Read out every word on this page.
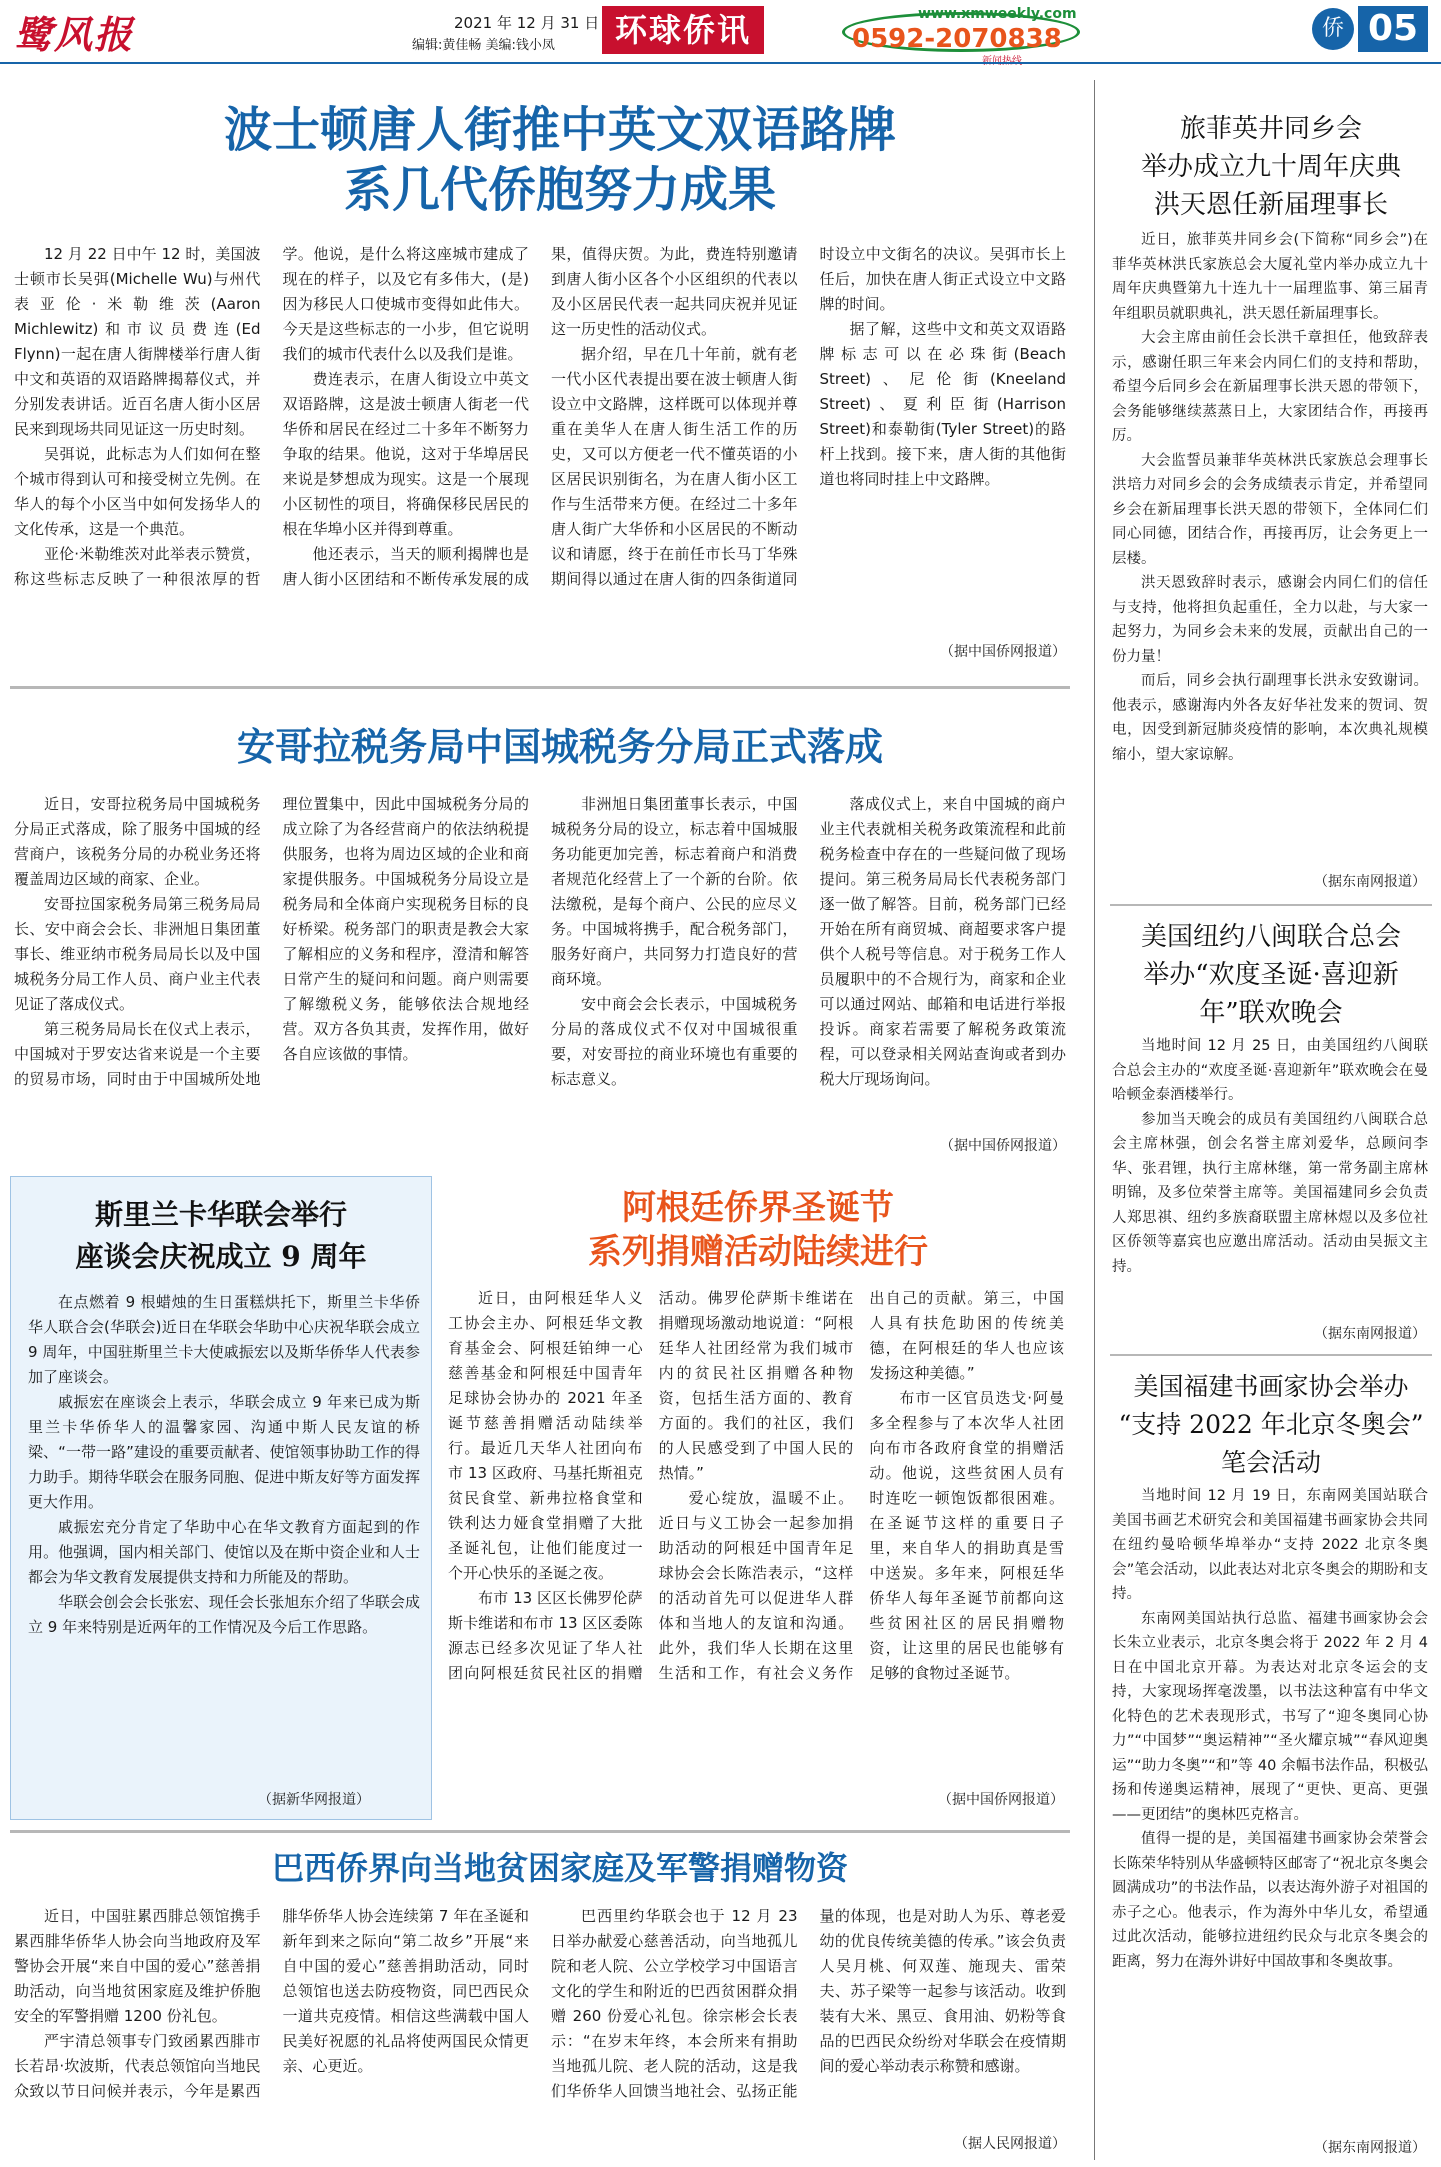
鹭风报	2021 年 12 月 31 日
编辑:黄佳畅 美编:钱小凤	环球侨讯	www.xmweekly.com
0592-2070838	侨 05
波士顿唐人街推中英文双语路牌
系几代侨胞努力成果

12 月 22 日中午 12 时，美国波士顿市长吴弭(Michelle Wu)与州代表亚伦·米勒维茨(Aaron Michlewitz)和市议员费连(Ed Flynn)一起在唐人街牌楼举行唐人街中文和英语的双语路牌揭幕仪式，并分别发表讲话。近百名唐人街小区居民来到现场共同见证这一历史时刻。

吴弭说，此标志为人们如何在整个城市得到认可和接受树立先例。在华人的每个小区当中如何发扬华人的文化传承，这是一个典范。

亚伦·米勒维茨对此举表示赞赏，称这些标志反映了一种很浓厚的哲学。他说，是什么将这座城市建成了现在的样子，以及它有多伟大，(是)因为移民人口使城市变得如此伟大。今天是这些标志的一小步，但它说明我们的城市代表什么以及我们是谁。

费连表示，在唐人街设立中英文双语路牌，这是波士顿唐人街老一代华侨和居民在经过二十多年不断努力争取的结果。他说，这对于华埠居民来说是梦想成为现实。这是一个展现小区韧性的项目，将确保移民居民的根在华埠小区并得到尊重。

他还表示，当天的顺利揭牌也是唐人街小区团结和不断传承发展的成果，值得庆贺。为此，费连特别邀请到唐人街小区各个小区组织的代表以及小区居民代表一起共同庆祝并见证这一历史性的活动仪式。

据介绍，早在几十年前，就有老一代小区代表提出要在波士顿唐人街设立中文路牌，这样既可以体现并尊重在美华人在唐人街生活工作的历史，又可以方便老一代不懂英语的小区居民识别街名，为在唐人街小区工作与生活带来方便。在经过二十多年唐人街广大华侨和小区居民的不断动议和请愿，终于在前任市长马丁华殊期间得以通过在唐人街的四条街道同时设立中文街名的决议。吴弭市长上任后，加快在唐人街正式设立中文路牌的时间。

据了解，这些中文和英文双语路牌标志可以在必珠街(Beach Street)、尼伦街(Kneeland Street)、夏利臣街(Harrison Street)和泰勒街(Tyler Street)的路杆上找到。接下来，唐人街的其他街道也将同时挂上中文路牌。

（据中国侨网报道）
安哥拉税务局中国城税务分局正式落成

近日，安哥拉税务局中国城税务分局正式落成，除了服务中国城的经营商户，该税务分局的办税业务还将覆盖周边区域的商家、企业。

安哥拉国家税务局第三税务局局长、安中商会会长、非洲旭日集团董事长、维亚纳市税务局局长以及中国城税务分局工作人员、商户业主代表见证了落成仪式。

第三税务局局长在仪式上表示，中国城对于罗安达省来说是一个主要的贸易市场，同时由于中国城所处地理位置集中，因此中国城税务分局的成立除了为各经营商户的依法纳税提供服务，也将为周边区域的企业和商家提供服务。中国城税务分局设立是税务局和全体商户实现税务目标的良好桥梁。税务部门的职责是教会大家了解相应的义务和程序，澄清和解答日常产生的疑问和问题。商户则需要了解缴税义务，能够依法合规地经营。双方各负其责，发挥作用，做好各自应该做的事情。

非洲旭日集团董事长表示，中国城税务分局的设立，标志着中国城服务功能更加完善，标志着商户和消费者规范化经营上了一个新的台阶。依法缴税，是每个商户、公民的应尽义务。中国城将携手，配合税务部门，服务好商户，共同努力打造良好的营商环境。

安中商会会长表示，中国城税务分局的落成仪式不仅对中国城很重要，对安哥拉的商业环境也有重要的标志意义。

落成仪式上，来自中国城的商户业主代表就相关税务政策流程和此前税务检查中存在的一些疑问做了现场提问。第三税务局局长代表税务部门逐一做了解答。目前，税务部门已经开始在所有商贸城、商超要求客户提供个人税号等信息。对于税务工作人员履职中的不合规行为，商家和企业可以通过网站、邮箱和电话进行举报投诉。商家若需要了解税务政策流程，可以登录相关网站查询或者到办税大厅现场询问。

（据中国侨网报道）
斯里兰卡华联会举行
座谈会庆祝成立 9 周年

在点燃着 9 根蜡烛的生日蛋糕烘托下，斯里兰卡华侨华人联合会(华联会)近日在华联会华助中心庆祝华联会成立 9 周年，中国驻斯里兰卡大使戚振宏以及斯华侨华人代表参加了座谈会。

戚振宏在座谈会上表示，华联会成立 9 年来已成为斯里兰卡华侨华人的温馨家园、沟通中斯人民友谊的桥梁、“一带一路”建设的重要贡献者、使馆领事协助工作的得力助手。期待华联会在服务同胞、促进中斯友好等方面发挥更大作用。

戚振宏充分肯定了华助中心在华文教育方面起到的作用。他强调，国内相关部门、使馆以及在斯中资企业和人士都会为华文教育发展提供支持和力所能及的帮助。

华联会创会会长张宏、现任会长张旭东介绍了华联会成立 9 年来特别是近两年的工作情况及今后工作思路。

（据新华网报道）
阿根廷侨界圣诞节
系列捐赠活动陆续进行

近日，由阿根廷华人义工协会主办、阿根廷华文教育基金会、阿根廷铂绅一心慈善基金和阿根廷中国青年足球协会协办的 2021 年圣诞节慈善捐赠活动陆续举行。最近几天华人社团向布市 13 区政府、马基托斯祖克贫民食堂、新弗拉格食堂和铁利达力娅食堂捐赠了大批圣诞礼包，让他们能度过一个开心快乐的圣诞之夜。

布市 13 区区长佛罗伦萨斯卡维诺和布市 13 区区委陈源志已经多次见证了华人社团向阿根廷贫民社区的捐赠活动。佛罗伦萨斯卡维诺在捐赠现场激动地说道：“阿根廷华人社团经常为我们城市内的贫民社区捐赠各种物资，包括生活方面的、教育方面的。我们的社区，我们的人民感受到了中国人民的热情。”

爱心绽放，温暖不止。近日与义工协会一起参加捐助活动的阿根廷中国青年足球协会会长陈浩表示，“这样的活动首先可以促进华人群体和当地人的友谊和沟通。此外，我们华人长期在这里生活和工作，有社会义务作出自己的贡献。第三，中国人具有扶危助困的传统美德，在阿根廷的华人也应该发扬这种美德。”

布市一区官员迭戈·阿曼多全程参与了本次华人社团向布市各政府食堂的捐赠活动。他说，这些贫困人员有时连吃一顿饱饭都很困难。在圣诞节这样的重要日子里，来自华人的捐助真是雪中送炭。多年来，阿根廷华侨华人每年圣诞节前都向这些贫困社区的居民捐赠物资，让这里的居民也能够有足够的食物过圣诞节。

（据中国侨网报道）
巴西侨界向当地贫困家庭及军警捐赠物资

近日，中国驻累西腓总领馆携手累西腓华侨华人协会向当地政府及军警协会开展“来自中国的爱心”慈善捐助活动，向当地贫困家庭及维护侨胞安全的军警捐赠 1200 份礼包。

严宇清总领事专门致函累西腓市长若昂·坎波斯，代表总领馆向当地民众致以节日问候并表示，今年是累西腓华侨华人协会连续第 7 年在圣诞和新年到来之际向“第二故乡”开展“来自中国的爱心”慈善捐助活动，同时总领馆也送去防疫物资，同巴西民众一道共克疫情。相信这些满载中国人民美好祝愿的礼品将使两国民众情更亲、心更近。

巴西里约华联会也于 12 月 23 日举办献爱心慈善活动，向当地孤儿院和老人院、公立学校学习中国语言文化的学生和附近的巴西贫困群众捐赠 260 份爱心礼包。徐宗彬会长表示：“在岁末年终，本会所来有捐助当地孤儿院、老人院的活动，这是我们华侨华人回馈当地社会、弘扬正能量的体现，也是对助人为乐、尊老爱幼的优良传统美德的传承。”该会负责人吴月桃、何双莲、施现夫、雷荣夫、苏子梁等一起参与该活动。收到装有大米、黑豆、食用油、奶粉等食品的巴西民众纷纷对华联会在疫情期间的爱心举动表示称赞和感谢。

（据人民网报道）
旅菲英井同乡会
举办成立九十周年庆典
洪天恩任新届理事长

近日，旅菲英井同乡会(下简称“同乡会”)在菲华英林洪氏家族总会大厦礼堂内举办成立九十周年庆典暨第九十连九十一届理监事、第三届青年组职员就职典礼，洪天恩任新届理事长。

大会主席由前任会长洪千章担任，他致辞表示，感谢任职三年来会内同仁们的支持和帮助，希望今后同乡会在新届理事长洪天恩的带领下，会务能够继续蒸蒸日上，大家团结合作，再接再厉。

大会监誓员兼菲华英林洪氏家族总会理事长洪培力对同乡会的会务成绩表示肯定，并希望同乡会在新届理事长洪天恩的带领下，全体同仁们同心同德，团结合作，再接再厉，让会务更上一层楼。

洪天恩致辞时表示，感谢会内同仁们的信任与支持，他将担负起重任，全力以赴，与大家一起努力，为同乡会未来的发展，贡献出自己的一份力量！

而后，同乡会执行副理事长洪永安致谢词。他表示，感谢海内外各友好华社发来的贺词、贺电，因受到新冠肺炎疫情的影响，本次典礼规模缩小，望大家谅解。

（据东南网报道）
美国纽约八闽联合总会
举办“欢度圣诞·喜迎新
年”联欢晚会

当地时间 12 月 25 日，由美国纽约八闽联合总会主办的“欢度圣诞·喜迎新年”联欢晚会在曼哈顿金泰酒楼举行。

参加当天晚会的成员有美国纽约八闽联合总会主席林强，创会名誉主席刘爱华，总顾问李华、张君锂，执行主席林继，第一常务副主席林明锦，及多位荣誉主席等。美国福建同乡会负责人郑思祺、纽约多族裔联盟主席林煜以及多位社区侨领等嘉宾也应邀出席活动。活动由吴振文主持。

（据东南网报道）
美国福建书画家协会举办
“支持 2022 年北京冬奥会”
笔会活动

当地时间 12 月 19 日，东南网美国站联合美国书画艺术研究会和美国福建书画家协会共同在纽约曼哈顿华埠举办“支持 2022 北京冬奥会”笔会活动，以此表达对北京冬奥会的期盼和支持。

东南网美国站执行总监、福建书画家协会会长朱立业表示，北京冬奥会将于 2022 年 2 月 4 日在中国北京开幕。为表达对北京冬运会的支持，大家现场挥毫泼墨，以书法这种富有中华文化特色的艺术表现形式，书写了“迎冬奥同心协力”“中国梦”“奥运精神”“圣火耀京城”“春风迎奥运”“助力冬奥”“和”等 40 余幅书法作品，积极弘扬和传递奥运精神，展现了“更快、更高、更强——更团结”的奥林匹克格言。

值得一提的是，美国福建书画家协会荣誉会长陈荣华特别从华盛顿特区邮寄了“祝北京冬奥会圆满成功”的书法作品，以表达海外游子对祖国的赤子之心。他表示，作为海外中华儿女，希望通过此次活动，能够拉进纽约民众与北京冬奥会的距离，努力在海外讲好中国故事和冬奥故事。

（据东南网报道）
